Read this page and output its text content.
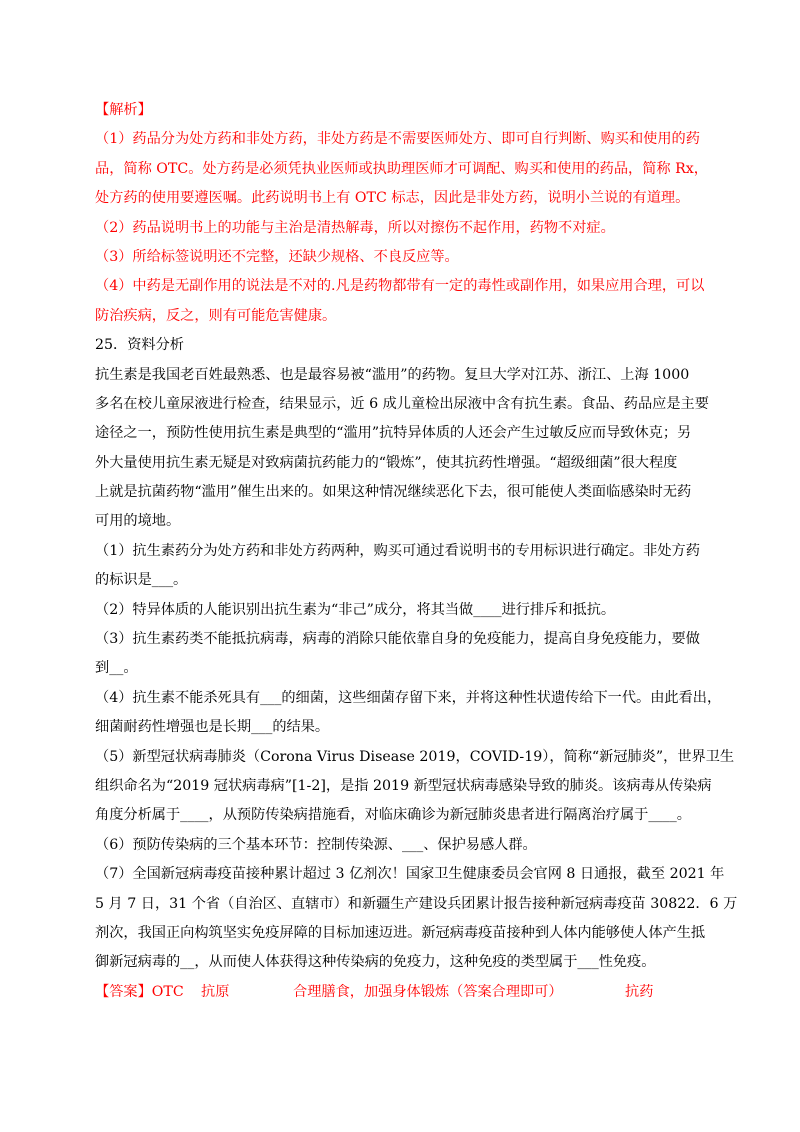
【解析】
（1）药品分为处方药和非处方药，非处方药是不需要医师处方、即可自行判断、购买和使用的药
品，简称 OTC。处方药是必须凭执业医师或执助理医师才可调配、购买和使用的药品，简称 Rx，
处方药的使用要遵医嘱。此药说明书上有 OTC 标志，因此是非处方药，说明小兰说的有道理。
（2）药品说明书上的功能与主治是清热解毒，所以对擦伤不起作用，药物不对症。
（3）所给标签说明还不完整，还缺少规格、不良反应等。
（4）中药是无副作用的说法是不对的.凡是药物都带有一定的毒性或副作用，如果应用合理，可以
防治疾病，反之，则有可能危害健康。
25．资料分析
抗生素是我国老百姓最熟悉、也是最容易被“滥用”的药物。复旦大学对江苏、浙江、上海 1000
多名在校儿童尿液进行检查，结果显示，近 6 成儿童检出尿液中含有抗生素。食品、药品应是主要
途径之一，预防性使用抗生素是典型的“滥用”抗特异体质的人还会产生过敏反应而导致休克；另
外大量使用抗生素无疑是对致病菌抗药能力的“锻炼”，使其抗药性增强。“超级细菌”很大程度
上就是抗菌药物“滥用”催生出来的。如果这种情况继续恶化下去，很可能使人类面临感染时无药
可用的境地。
（1）抗生素药分为处方药和非处方药两种，购买可通过看说明书的专用标识进行确定。非处方药
的标识是___。
（2）特异体质的人能识别出抗生素为“非己”成分，将其当做____进行排斥和抵抗。
（3）抗生素药类不能抵抗病毒，病毒的消除只能依靠自身的免疫能力，提高自身免疫能力，要做
到__。
（4）抗生素不能杀死具有___的细菌，这些细菌存留下来，并将这种性状遗传给下一代。由此看出，
细菌耐药性增强也是长期___的结果。
（5）新型冠状病毒肺炎（Corona Virus Disease 2019，COVID-19），简称“新冠肺炎”，世界卫生
组织命名为“2019 冠状病毒病”[1-2]，是指 2019 新型冠状病毒感染导致的肺炎。该病毒从传染病
角度分析属于____，从预防传染病措施看，对临床确诊为新冠肺炎患者进行隔离治疗属于____。
（6）预防传染病的三个基本环节：控制传染源、___、保护易感人群。
（7）全国新冠病毒疫苗接种累计超过 3 亿剂次！国家卫生健康委员会官网 8 日通报，截至 2021 年
5 月 7 日，31 个省（自治区、直辖市）和新疆生产建设兵团累计报告接种新冠病毒疫苗 30822．6 万
剂次，我国正向构筑坚实免疫屏障的目标加速迈进。新冠病毒疫苗接种到人体内能够使人体产生抵
御新冠病毒的__，从而使人体获得这种传染病的免疫力，这种免疫的类型属于___性免疫。
【答案】OTC 抗原	合理膳食，加强身体锻炼（答案合理即可）	抗药
